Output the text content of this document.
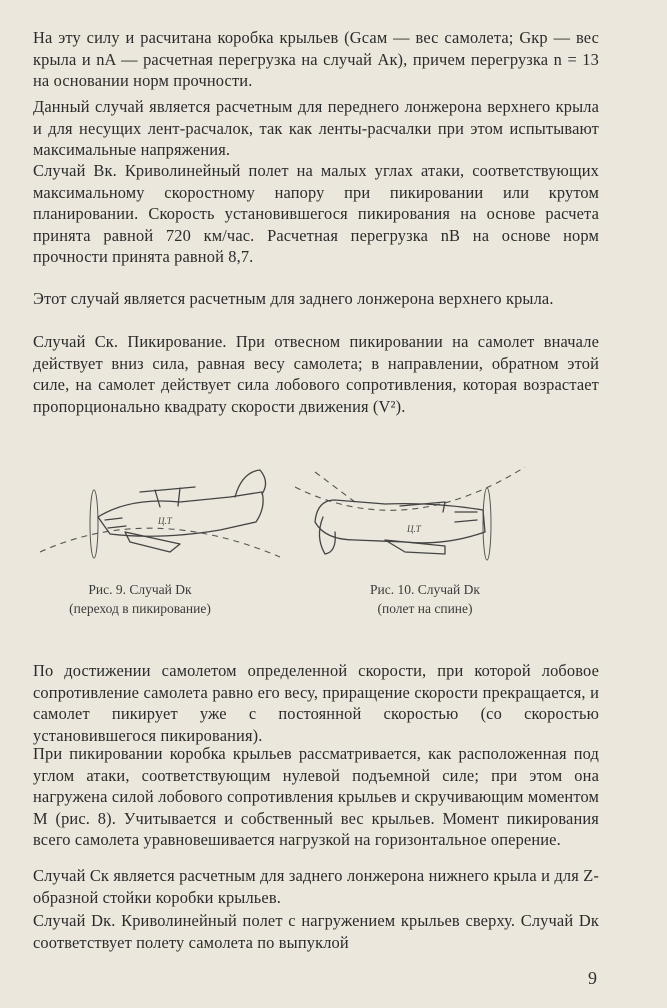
На эту силу и расчитана коробка крыльев (Gсам — вес самолета; Gкр — вес крыла и nA — расчетная перегрузка на случай Aк), причем перегрузка n = 13 на основании норм прочности.

Данный случай является расчетным для переднего лонжерона верхнего крыла и для несущих лент-расчалок, так как ленты-расчалки при этом испытывают максимальные напряжения.

Случай Bк. Криволинейный полет на малых углах атаки, соответствующих максимальному скоростному напору при пикировании или крутом планировании. Скорость установившегося пикирования на основе расчета принята равной 720 км/час. Расчетная перегрузка nB на основе норм прочности принята равной 8,7.

Этот случай является расчетным для заднего лонжерона верхнего крыла.

Случай Cк. Пикирование. При отвесном пикировании на самолет вначале действует вниз сила, равная весу самолета; в направлении, обратном этой силе, на самолет действует сила лобового сопротивления, которая возрастает пропорционально квадрату скорости движения (V²).

Ц.Т
Рис. 9. Случай Dк
(переход в пикирование)
Ц.Т
Рис. 10. Случай Dк
(полет на спине)

По достижении самолетом определенной скорости, при которой лобовое сопротивление самолета равно его весу, приращение скорости прекращается, и самолет пикирует уже с постоянной скоростью (со скоростью установившегося пикирования).

При пикировании коробка крыльев рассматривается, как расположенная под углом атаки, соответствующим нулевой подъемной силе; при этом она нагружена силой лобового сопротивления крыльев и скручивающим моментом M (рис. 8). Учитывается и собственный вес крыльев. Момент пикирования всего самолета уравновешивается нагрузкой на горизонтальное оперение.

Случай Cк является расчетным для заднего лонжерона нижнего крыла и для Z-образной стойки коробки крыльев.

Случай Dк. Криволинейный полет с нагружением крыльев сверху. Случай Dк соответствует полету самолета по выпуклой

9
